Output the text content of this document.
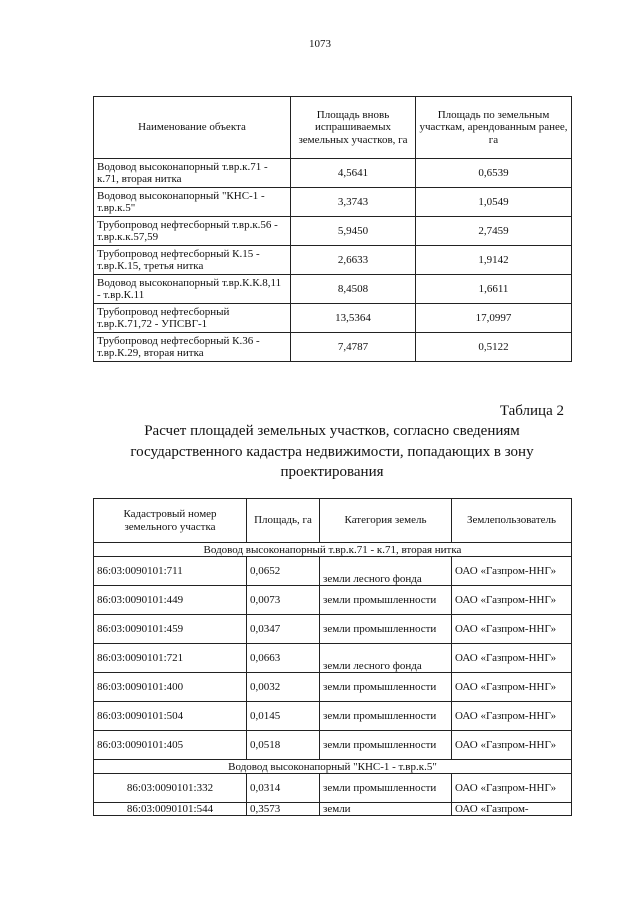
1073
Наименование объекта	Площадь вновь испрашиваемых земельных участков, га	Площадь по земельным участкам, арендованным ранее, га
Водовод высоконапорный т.вр.к.71 - к.71, вторая нитка	4,5641	0,6539
Водовод высоконапорный "КНС-1 - т.вр.к.5"	3,3743	1,0549
Трубопровод нефтесборный т.вр.к.56 - т.вр.к.к.57,59	5,9450	2,7459
Трубопровод нефтесборный К.15 - т.вр.К.15, третья нитка	2,6633	1,9142
Водовод высоконапорный т.вр.К.К.8,11 - т.вр.К.11	8,4508	1,6611
Трубопровод нефтесборный т.вр.К.71,72 - УПСВГ-1	13,5364	17,0997
Трубопровод нефтесборный К.36 - т.вр.К.29, вторая нитка	7,4787	0,5122
Таблица 2
Расчет площадей земельных участков, согласно сведениям государственного кадастра недвижимости, попадающих в зону проектирования
Кадастровый номер земельного участка	Площадь, га	Категория земель	Землепользователь
Водовод высоконапорный т.вр.к.71 - к.71, вторая нитка			
86:03:0090101:711	0,0652	земли лесного фонда	ОАО «Газпром-ННГ»
86:03:0090101:449	0,0073	земли промышленности	ОАО «Газпром-ННГ»
86:03:0090101:459	0,0347	земли промышленности	ОАО «Газпром-ННГ»
86:03:0090101:721	0,0663	земли лесного фонда	ОАО «Газпром-ННГ»
86:03:0090101:400	0,0032	земли промышленности	ОАО «Газпром-ННГ»
86:03:0090101:504	0,0145	земли промышленности	ОАО «Газпром-ННГ»
86:03:0090101:405	0,0518	земли промышленности	ОАО «Газпром-ННГ»
Водовод высоконапорный "КНС-1 - т.вр.к.5"			
86:03:0090101:332	0,0314	земли промышленности	ОАО «Газпром-ННГ»
86:03:0090101:544	0,3573	земли	ОАО «Газпром-
